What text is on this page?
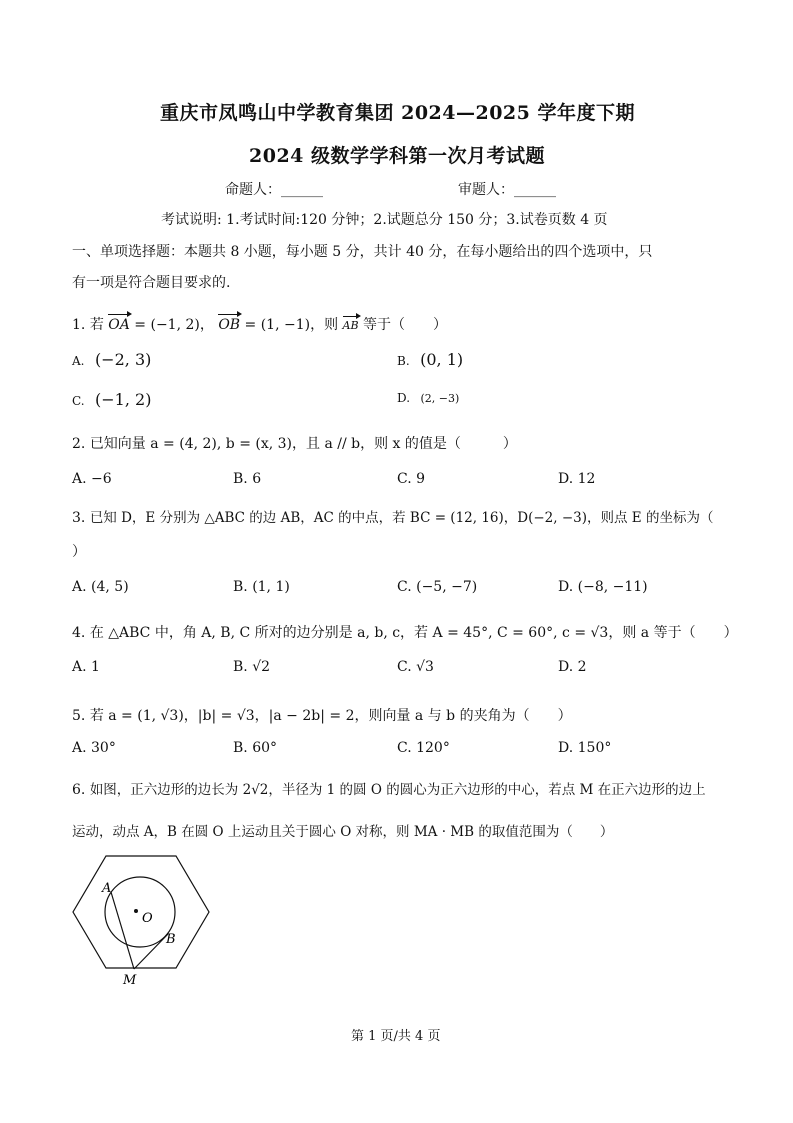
重庆市凤鸣山中学教育集团 2024—2025 学年度下期
2024 级数学学科第一次月考试题
命题人：______	审题人：______
考试说明: 1.考试时间:120 分钟；2.试题总分 150 分；3.试卷页数 4 页
一、单项选择题：本题共 8 小题，每小题 5 分，共计 40 分，在每小题给出的四个选项中，只
有一项是符合题目要求的.
1. 若 OA = (−1, 2)， OB = (1, −1)，则 AB 等于（　　）
A. (−2, 3)	B. (0, 1)
C. (−1, 2)	D. (2, −3)
2. 已知向量 a = (4, 2), b = (x, 3)，且 a // b，则 x 的值是（　　　）
A. −6	B. 6	C. 9	D. 12
3. 已知 D，E 分别为 △ABC 的边 AB，AC 的中点，若 BC = (12, 16)，D(−2, −3)，则点 E 的坐标为（
）
A. (4, 5)	B. (1, 1)	C. (−5, −7)	D. (−8, −11)
4. 在 △ABC 中，角 A, B, C 所对的边分别是 a, b, c，若 A = 45°, C = 60°, c = √3，则 a 等于（　　）
A. 1	B. √2	C. √3	D. 2
5. 若 a = (1, √3)，|b| = √3，|a − 2b| = 2，则向量 a 与 b 的夹角为（　　）
A. 30°	B. 60°	C. 120°	D. 150°
6. 如图，正六边形的边长为 2√2，半径为 1 的圆 O 的圆心为正六边形的中心，若点 M 在正六边形的边上
运动，动点 A，B 在圆 O 上运动且关于圆心 O 对称，则 MA · MB 的取值范围为（　　）
A
O
B
M
第 1 页/共 4 页
